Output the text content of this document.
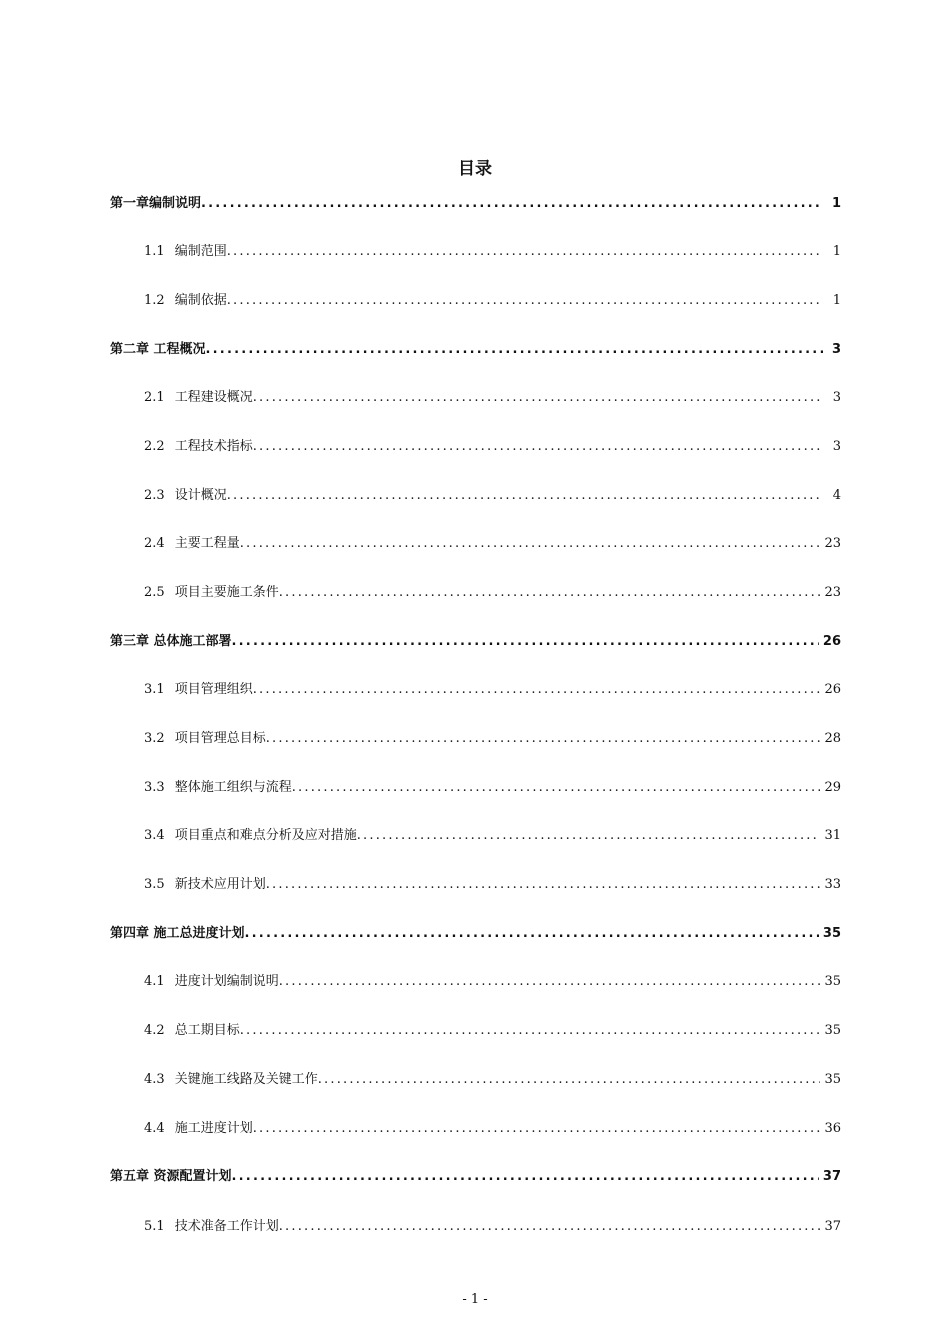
目录
第一章编制说明 .....	1
1.1 编制范围 .....	1
1.2 编制依据 .....	1
第二章 工程概况 .....	3
2.1 工程建设概况 .....	3
2.2 工程技术指标 .....	3
2.3 设计概况 .....	4
2.4 主要工程量 .....	23
2.5 项目主要施工条件 .....	23
第三章 总体施工部署 .....	26
3.1 项目管理组织 .....	26
3.2 项目管理总目标 .....	28
3.3 整体施工组织与流程 .....	29
3.4 项目重点和难点分析及应对措施 .....	31
3.5 新技术应用计划 .....	33
第四章 施工总进度计划 .....	35
4.1 进度计划编制说明 .....	35
4.2 总工期目标 .....	35
4.3 关键施工线路及关键工作 .....	35
4.4 施工进度计划 .....	36
第五章 资源配置计划 .....	37
5.1 技术准备工作计划 .....	37
- 1 -
